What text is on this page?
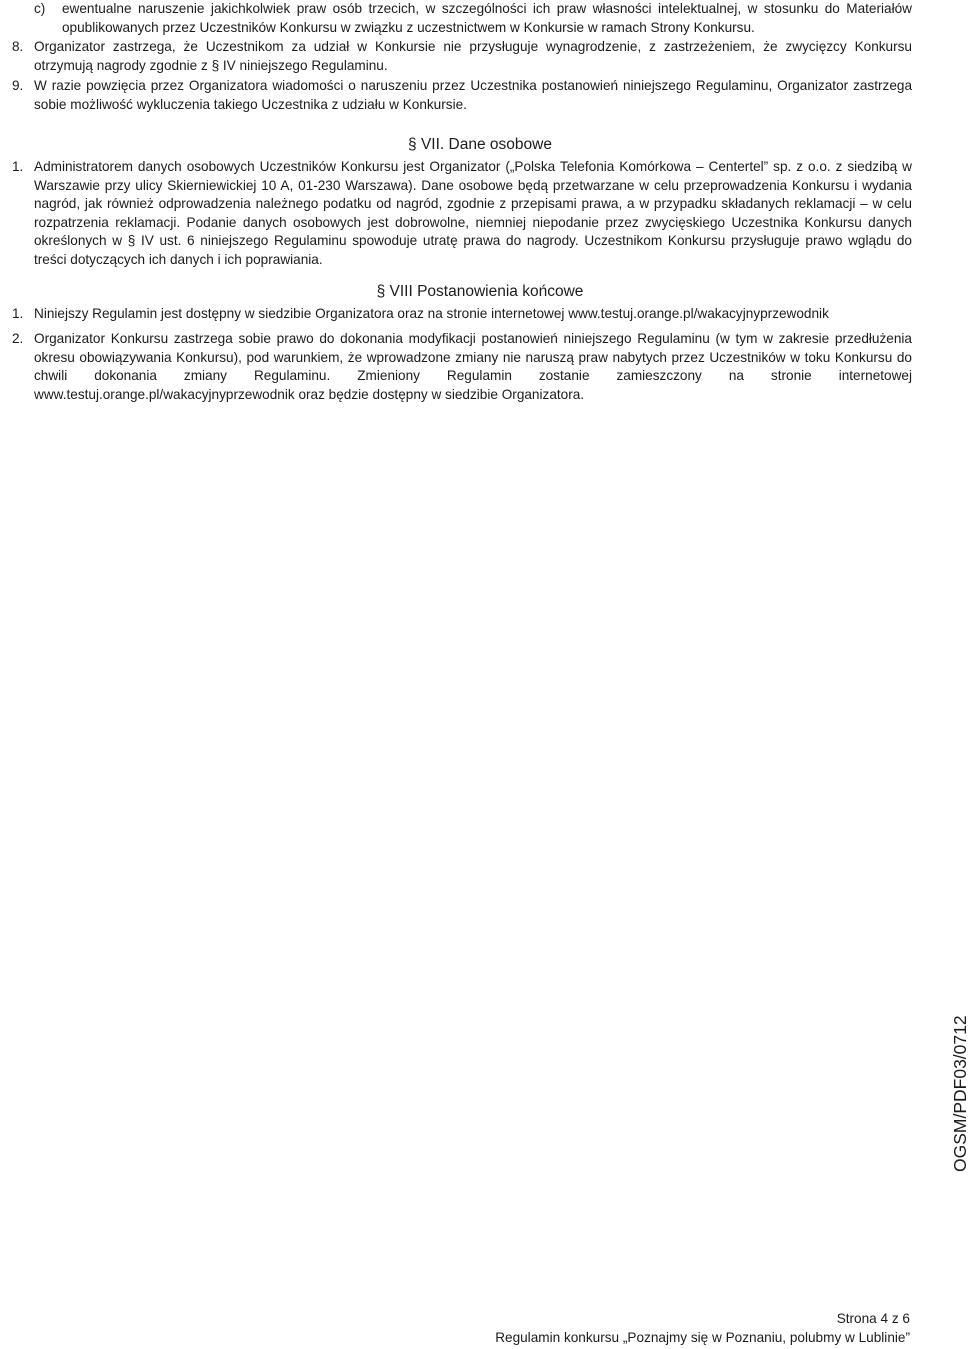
c) ewentualne naruszenie jakichkolwiek praw osób trzecich, w szczególności ich praw własności intelektualnej, w stosunku do Materiałów opublikowanych przez Uczestników Konkursu w związku z uczestnictwem w Konkursie w ramach Strony Konkursu.
8. Organizator zastrzega, że Uczestnikom za udział w Konkursie nie przysługuje wynagrodzenie, z zastrzeżeniem, że zwycięzcy Konkursu otrzymują nagrody zgodnie z § IV niniejszego Regulaminu.
9. W razie powzięcia przez Organizatora wiadomości o naruszeniu przez Uczestnika postanowień niniejszego Regulaminu, Organizator zastrzega sobie możliwość wykluczenia takiego Uczestnika z udziału w Konkursie.
§ VII. Dane osobowe
1. Administratorem danych osobowych Uczestników Konkursu jest Organizator („Polska Telefonia Komórkowa – Centertel” sp. z o.o. z siedzibą w Warszawie przy ulicy Skierniewickiej 10 A, 01-230 Warszawa). Dane osobowe będą przetwarzane w celu przeprowadzenia Konkursu i wydania nagród, jak również odprowadzenia należnego podatku od nagród, zgodnie z przepisami prawa, a w przypadku składanych reklamacji – w celu rozpatrzenia reklamacji. Podanie danych osobowych jest dobrowolne, niemniej niepodanie przez zwycięskiego Uczestnika Konkursu danych określonych w § IV ust. 6 niniejszego Regulaminu spowoduje utratę prawa do nagrody. Uczestnikom Konkursu przysługuje prawo wglądu do treści dotyczących ich danych i ich poprawiania.
§ VIII Postanowienia końcowe
1. Niniejszy Regulamin jest dostępny w siedzibie Organizatora oraz na stronie internetowej www.testuj.orange.pl/wakacyjnyprzewodnik
2. Organizator Konkursu zastrzega sobie prawo do dokonania modyfikacji postanowień niniejszego Regulaminu (w tym w zakresie przedłużenia okresu obowiązywania Konkursu), pod warunkiem, że wprowadzone zmiany nie naruszą praw nabytych przez Uczestników w toku Konkursu do chwili dokonania zmiany Regulaminu. Zmieniony Regulamin zostanie zamieszczony na stronie internetowej www.testuj.orange.pl/wakacyjnyprzewodnik oraz będzie dostępny w siedzibie Organizatora.
OGSM/PDF03/0712
Strona 4 z 6
Regulamin konkursu „Poznajmy się w Poznaniu, polubmy w Lublinie”
